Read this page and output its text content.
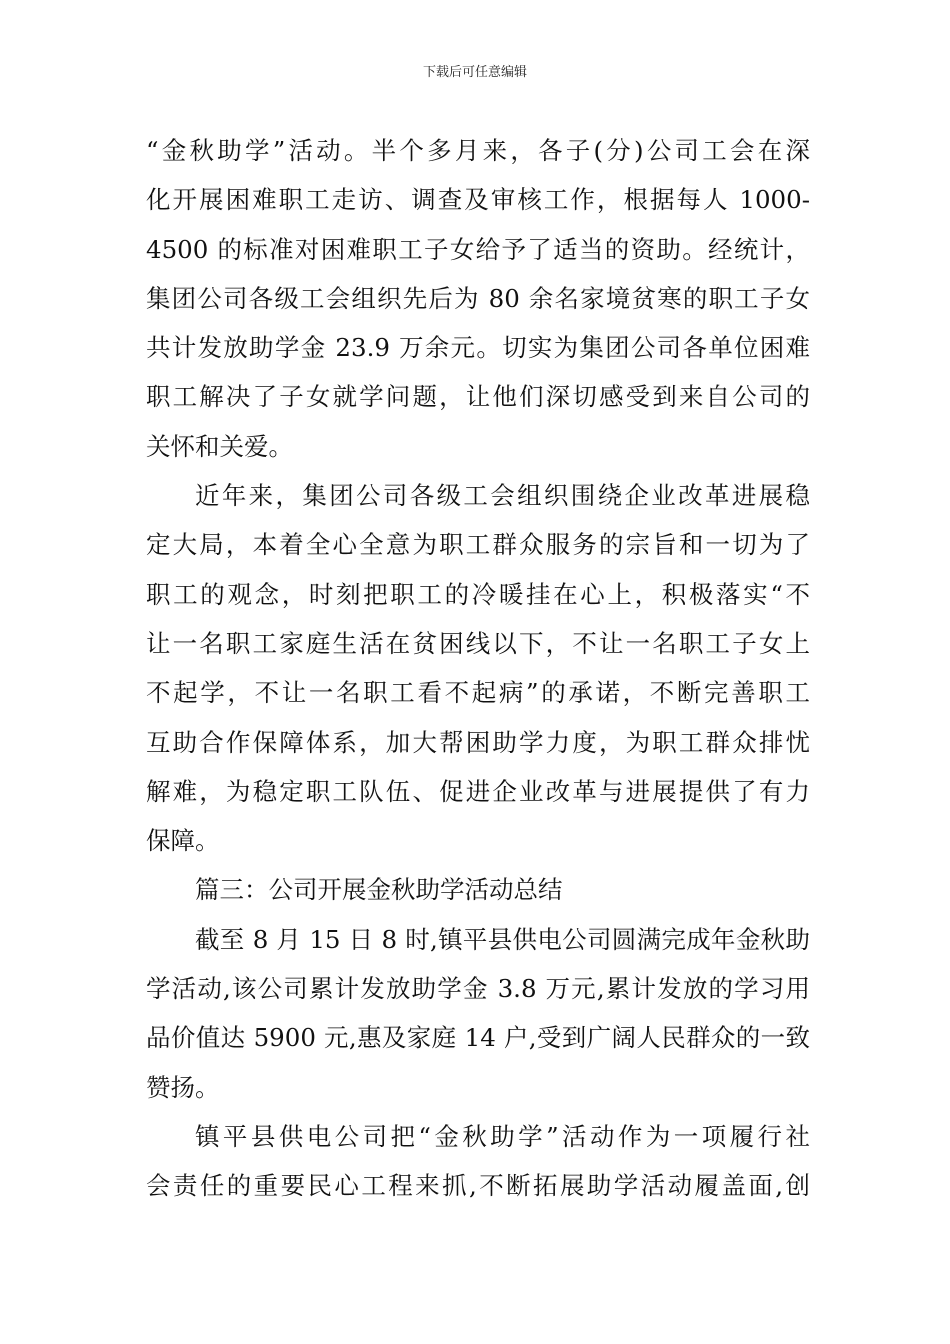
下载后可任意编辑
“金秋助学”活动。半个多月来，各子(分)公司工会在深
化开展困难职工走访、调查及审核工作，根据每人 1000-
4500 的标准对困难职工子女给予了适当的资助。经统计，
集团公司各级工会组织先后为 80 余名家境贫寒的职工子女
共计发放助学金 23.9 万余元。切实为集团公司各单位困难
职工解决了子女就学问题，让他们深切感受到来自公司的
关怀和关爱。
近年来，集团公司各级工会组织围绕企业改革进展稳
定大局，本着全心全意为职工群众服务的宗旨和一切为了
职工的观念，时刻把职工的冷暖挂在心上，积极落实“不
让一名职工家庭生活在贫困线以下，不让一名职工子女上
不起学，不让一名职工看不起病”的承诺，不断完善职工
互助合作保障体系，加大帮困助学力度，为职工群众排忧
解难，为稳定职工队伍、促进企业改革与进展提供了有力
保障。
篇三：公司开展金秋助学活动总结
截至 8 月 15 日 8 时,镇平县供电公司圆满完成年金秋助
学活动,该公司累计发放助学金 3.8 万元,累计发放的学习用
品价值达 5900 元,惠及家庭 14 户,受到广阔人民群众的一致
赞扬。
镇平县供电公司把“金秋助学”活动作为一项履行社
会责任的重要民心工程来抓,不断拓展助学活动履盖面,创
